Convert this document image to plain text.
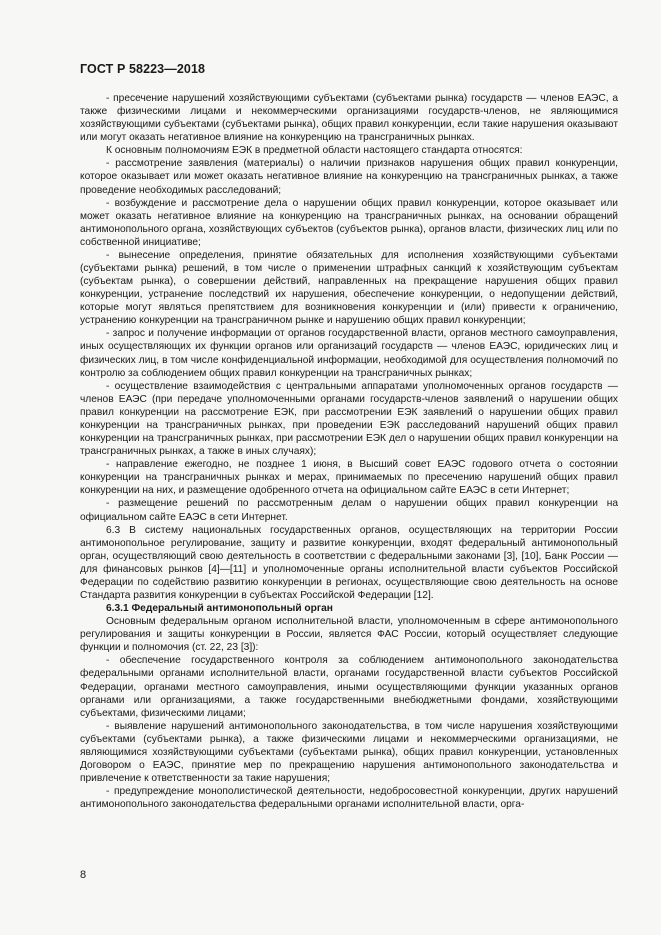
ГОСТ Р 58223—2018

- пресечение нарушений хозяйствующими субъектами (субъектами рынка) государств — членов ЕАЭС, а также физическими лицами и некоммерческими организациями государств-членов, не являющимися хозяйствующими субъектами (субъектами рынка), общих правил конкуренции, если такие нарушения оказывают или могут оказать негативное влияние на конкуренцию на трансграничных рынках.

К основным полномочиям ЕЭК в предметной области настоящего стандарта относятся:

- рассмотрение заявления (материалы) о наличии признаков нарушения общих правил конкуренции, которое оказывает или может оказать негативное влияние на конкуренцию на трансграничных рынках, а также проведение необходимых расследований;

- возбуждение и рассмотрение дела о нарушении общих правил конкуренции, которое оказывает или может оказать негативное влияние на конкуренцию на трансграничных рынках, на основании обращений антимонопольного органа, хозяйствующих субъектов (субъектов рынка), органов власти, физических лиц или по собственной инициативе;

- вынесение определения, принятие обязательных для исполнения хозяйствующими субъектами (субъектами рынка) решений, в том числе о применении штрафных санкций к хозяйствующим субъектам (субъектам рынка), о совершении действий, направленных на прекращение нарушения общих правил конкуренции, устранение последствий их нарушения, обеспечение конкуренции, о недопущении действий, которые могут являться препятствием для возникновения конкуренции и (или) привести к ограничению, устранению конкуренции на трансграничном рынке и нарушению общих правил конкуренции;

- запрос и получение информации от органов государственной власти, органов местного самоуправления, иных осуществляющих их функции органов или организаций государств — членов ЕАЭС, юридических лиц и физических лиц, в том числе конфиденциальной информации, необходимой для осуществления полномочий по контролю за соблюдением общих правил конкуренции на трансграничных рынках;

- осуществление взаимодействия с центральными аппаратами уполномоченных органов государств — членов ЕАЭС (при передаче уполномоченными органами государств-членов заявлений о нарушении общих правил конкуренции на рассмотрение ЕЭК, при рассмотрении ЕЭК заявлений о нарушении общих правил конкуренции на трансграничных рынках, при проведении ЕЭК расследований нарушений общих правил конкуренции на трансграничных рынках, при рассмотрении ЕЭК дел о нарушении общих правил конкуренции на трансграничных рынках, а также в иных случаях);

- направление ежегодно, не позднее 1 июня, в Высший совет ЕАЭС годового отчета о состоянии конкуренции на трансграничных рынках и мерах, принимаемых по пресечению нарушений общих правил конкуренции на них, и размещение одобренного отчета на официальном сайте ЕАЭС в сети Интернет;

- размещение решений по рассмотренным делам о нарушении общих правил конкуренции на официальном сайте ЕАЭС в сети Интернет.

6.3 В систему национальных государственных органов, осуществляющих на территории России антимонопольное регулирование, защиту и развитие конкуренции, входят федеральный антимонопольный орган, осуществляющий свою деятельность в соответствии с федеральными законами [3], [10], Банк России — для финансовых рынков [4]—[11] и уполномоченные органы исполнительной власти субъектов Российской Федерации по содействию развитию конкуренции в регионах, осуществляющие свою деятельность на основе Стандарта развития конкуренции в субъектах Российской Федерации [12].

6.3.1 Федеральный антимонопольный орган

Основным федеральным органом исполнительной власти, уполномоченным в сфере антимонопольного регулирования и защиты конкуренции в России, является ФАС России, который осуществляет следующие функции и полномочия (ст. 22, 23 [3]):

- обеспечение государственного контроля за соблюдением антимонопольного законодательства федеральными органами исполнительной власти, органами государственной власти субъектов Российской Федерации, органами местного самоуправления, иными осуществляющими функции указанных органов органами или организациями, а также государственными внебюджетными фондами, хозяйствующими субъектами, физическими лицами;

- выявление нарушений антимонопольного законодательства, в том числе нарушения хозяйствующими субъектами (субъектами рынка), а также физическими лицами и некоммерческими организациями, не являющимися хозяйствующими субъектами (субъектами рынка), общих правил конкуренции, установленных Договором о ЕАЭС, принятие мер по прекращению нарушения антимонопольного законодательства и привлечение к ответственности за такие нарушения;

- предупреждение монополистической деятельности, недобросовестной конкуренции, других нарушений антимонопольного законодательства федеральными органами исполнительной власти, орга-

8
